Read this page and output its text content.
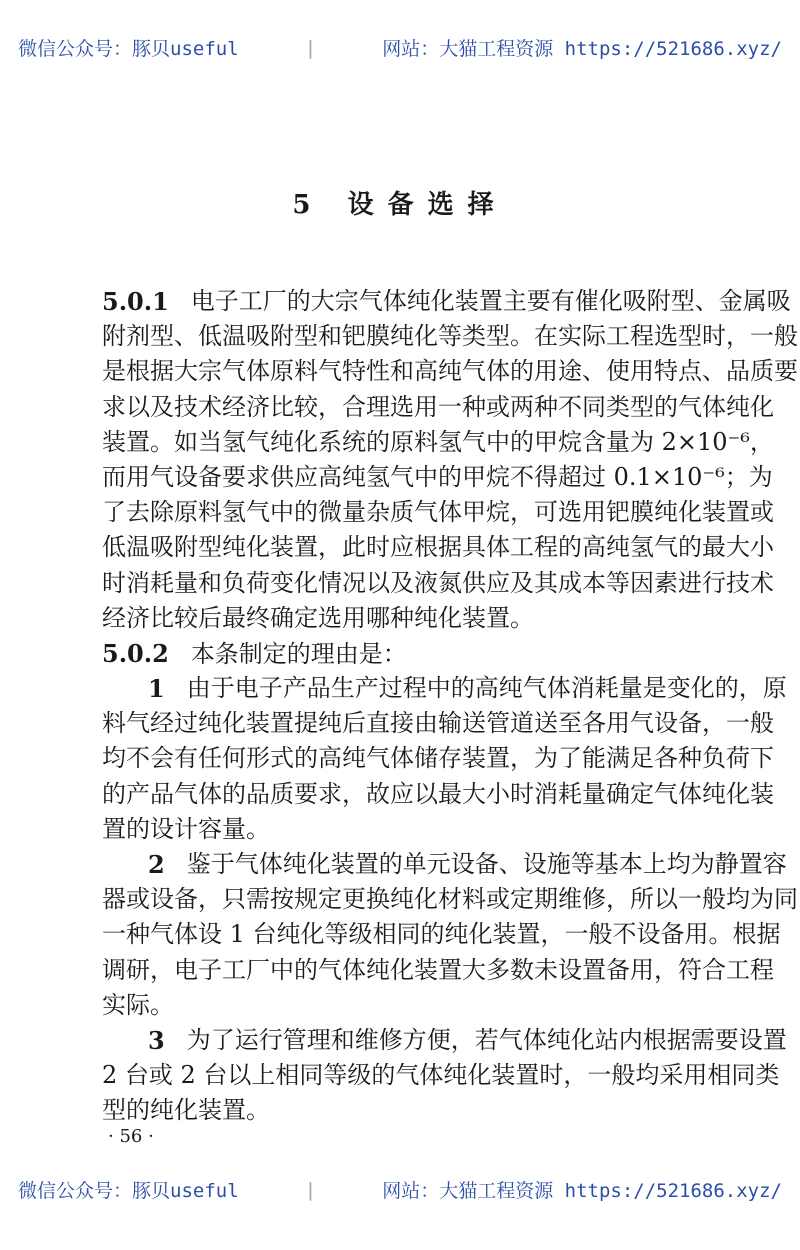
微信公众号：豚贝useful	|	网站：大猫工程资源 https://521686.xyz/
5 设备选择
5.0.1 电子工厂的大宗气体纯化装置主要有催化吸附型、金属吸
附剂型、低温吸附型和钯膜纯化等类型。在实际工程选型时，一般
是根据大宗气体原料气特性和高纯气体的用途、使用特点、品质要
求以及技术经济比较，合理选用一种或两种不同类型的气体纯化
装置。如当氢气纯化系统的原料氢气中的甲烷含量为 2×10⁻⁶，
而用气设备要求供应高纯氢气中的甲烷不得超过 0.1×10⁻⁶；为
了去除原料氢气中的微量杂质气体甲烷，可选用钯膜纯化装置或
低温吸附型纯化装置，此时应根据具体工程的高纯氢气的最大小
时消耗量和负荷变化情况以及液氮供应及其成本等因素进行技术
经济比较后最终确定选用哪种纯化装置。
5.0.2 本条制定的理由是：
1 由于电子产品生产过程中的高纯气体消耗量是变化的，原
料气经过纯化装置提纯后直接由输送管道送至各用气设备，一般
均不会有任何形式的高纯气体储存装置，为了能满足各种负荷下
的产品气体的品质要求，故应以最大小时消耗量确定气体纯化装
置的设计容量。
2 鉴于气体纯化装置的单元设备、设施等基本上均为静置容
器或设备，只需按规定更换纯化材料或定期维修，所以一般均为同
一种气体设 1 台纯化等级相同的纯化装置，一般不设备用。根据
调研，电子工厂中的气体纯化装置大多数未设置备用，符合工程
实际。
3 为了运行管理和维修方便，若气体纯化站内根据需要设置
2 台或 2 台以上相同等级的气体纯化装置时，一般均采用相同类
型的纯化装置。
· 56 ·
微信公众号：豚贝useful	|	网站：大猫工程资源 https://521686.xyz/
